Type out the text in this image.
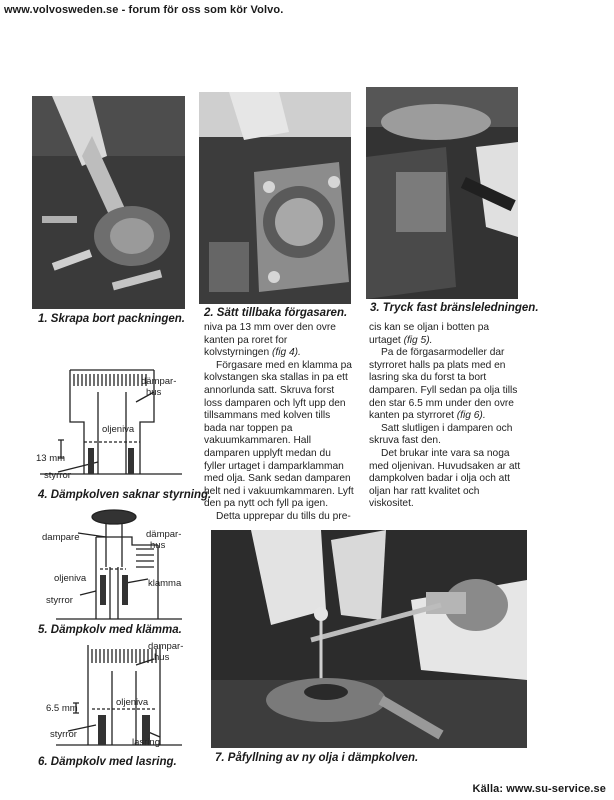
www.volvosweden.se - forum för oss som kör Volvo.
1. Skrapa bort packningen. 2. Sätt tillbaka förgasaren. 3. Tryck fast bränsleledningen.
dämpar-
hus
13 mm
oljeniva
styrror
4. Dämpkolven saknar styrning.
dampare	dämpar-
hus
oljeniva	klamma
styrror
5. Dämpkolv med klämma.
dampar-
hus
6.5 mm
oljeniva
styrror
lasring
6. Dämpkolv med lasring.

niva pa 13 mm over den ovre kanten pa roret for kolvstyrningen (fig 4).

Förgasare med en klamma pa kolvstangen ska stallas in pa ett annorlunda satt. Skruva forst loss damparen och lyft upp den tillsammans med kolven tills bada nar toppen pa vakuumkammaren. Hall damparen upplyft medan du fyller urtaget i damparklamman med olja. Sank sedan damparen helt ned i vakuumkammaren. Lyft den pa nytt och fyll pa igen.

Detta upprepar du tills du pre-

cis kan se oljan i botten pa urtaget (fig 5).

Pa de förgasarmodeller dar styrroret halls pa plats med en lasring ska du forst ta bort damparen. Fyll sedan pa olja tills den star 6.5 mm under den ovre kanten pa styrroret (fig 6).

Satt slutligen i damparen och skruva fast den.

Det brukar inte vara sa noga med oljenivan. Huvudsaken ar att dampkolven badar i olja och att oljan har ratt kvalitet och viskositet.

7. Påfyllning av ny olja i dämpkolven.
Källa: www.su-service.se
